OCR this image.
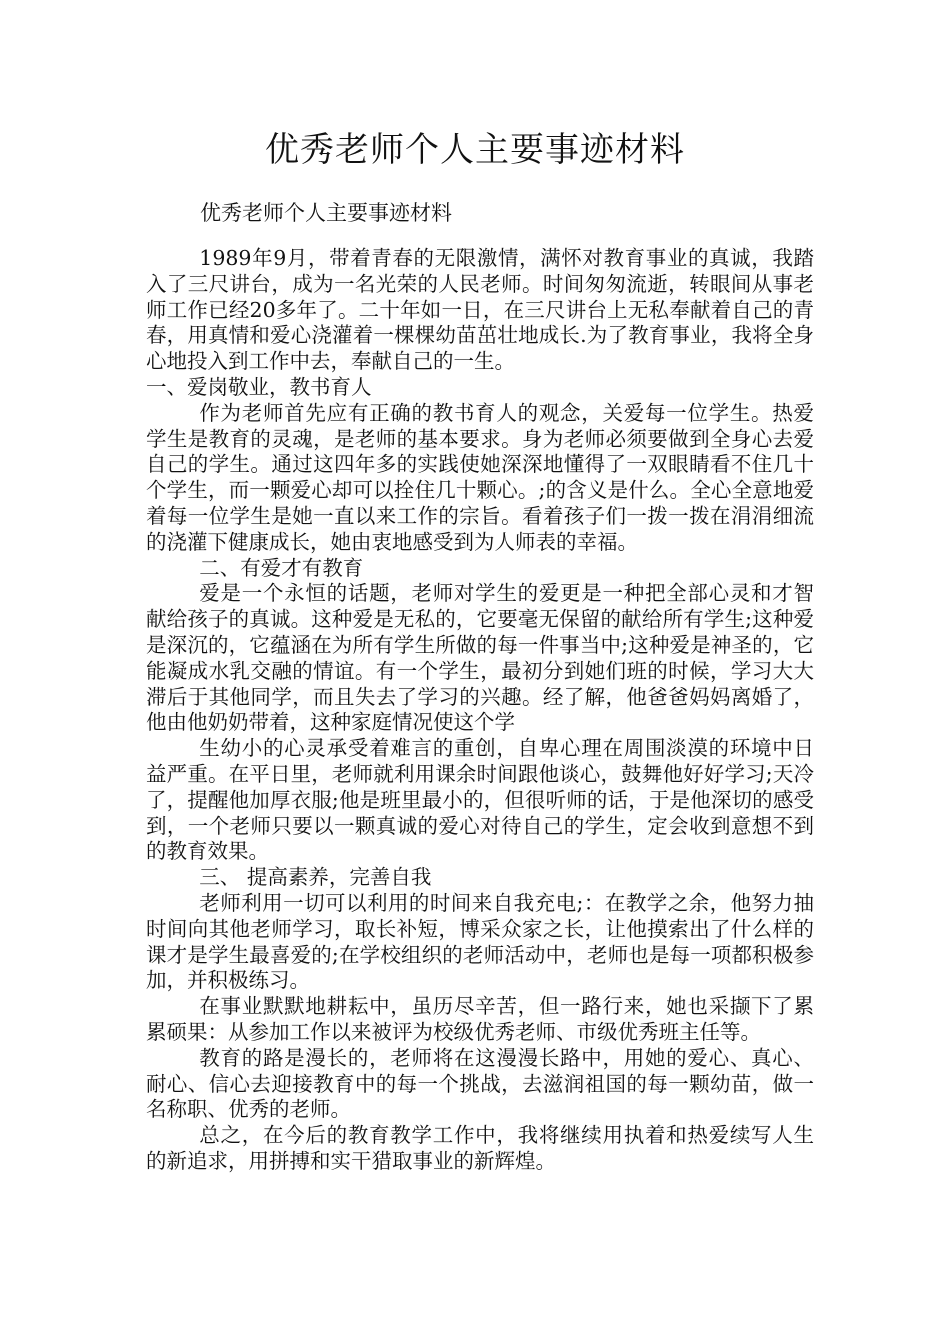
优秀老师个人主要事迹材料
优秀老师个人主要事迹材料

1989年9月，带着青春的无限激情，满怀对教育事业的真诚，我踏入了三尺讲台，成为一名光荣的人民老师。时间匆匆流逝，转眼间从事老师工作已经20多年了。二十年如一日，在三尺讲台上无私奉献着自己的青春，用真情和爱心浇灌着一棵棵幼苗茁壮地成长.为了教育事业，我将全身心地投入到工作中去，奉献自己的一生。

一、爱岗敬业，教书育人

作为老师首先应有正确的教书育人的观念，关爱每一位学生。热爱学生是教育的灵魂，是老师的基本要求。身为老师必须要做到全身心去爱自己的学生。通过这四年多的实践使她深深地懂得了一双眼睛看不住几十个学生，而一颗爱心却可以拴住几十颗心。;的含义是什么。全心全意地爱着每一位学生是她一直以来工作的宗旨。看着孩子们一拨一拨在涓涓细流的浇灌下健康成长，她由衷地感受到为人师表的幸福。

二、有爱才有教育

爱是一个永恒的话题，老师对学生的爱更是一种把全部心灵和才智献给孩子的真诚。这种爱是无私的，它要毫无保留的献给所有学生;这种爱是深沉的，它蕴涵在为所有学生所做的每一件事当中;这种爱是神圣的，它能凝成水乳交融的情谊。有一个学生，最初分到她们班的时候，学习大大滞后于其他同学，而且失去了学习的兴趣。经了解，他爸爸妈妈离婚了，他由他奶奶带着，这种家庭情况使这个学

生幼小的心灵承受着难言的重创，自卑心理在周围淡漠的环境中日益严重。在平日里，老师就利用课余时间跟他谈心，鼓舞他好好学习;天冷了，提醒他加厚衣服;他是班里最小的，但很听师的话，于是他深切的感受到，一个老师只要以一颗真诚的爱心对待自己的学生，定会收到意想不到的教育效果。

三、 提高素养，完善自我

老师利用一切可以利用的时间来自我充电;：在教学之余，他努力抽时间向其他老师学习，取长补短，博采众家之长，让他摸索出了什么样的课才是学生最喜爱的;在学校组织的老师活动中，老师也是每一项都积极参加，并积极练习。

在事业默默地耕耘中，虽历尽辛苦，但一路行来，她也采撷下了累累硕果：从参加工作以来被评为校级优秀老师、市级优秀班主任等。

教育的路是漫长的，老师将在这漫漫长路中，用她的爱心、真心、耐心、信心去迎接教育中的每一个挑战，去滋润祖国的每一颗幼苗，做一名称职、优秀的老师。

总之，在今后的教育教学工作中，我将继续用执着和热爱续写人生的新追求，用拼搏和实干猎取事业的新辉煌。
